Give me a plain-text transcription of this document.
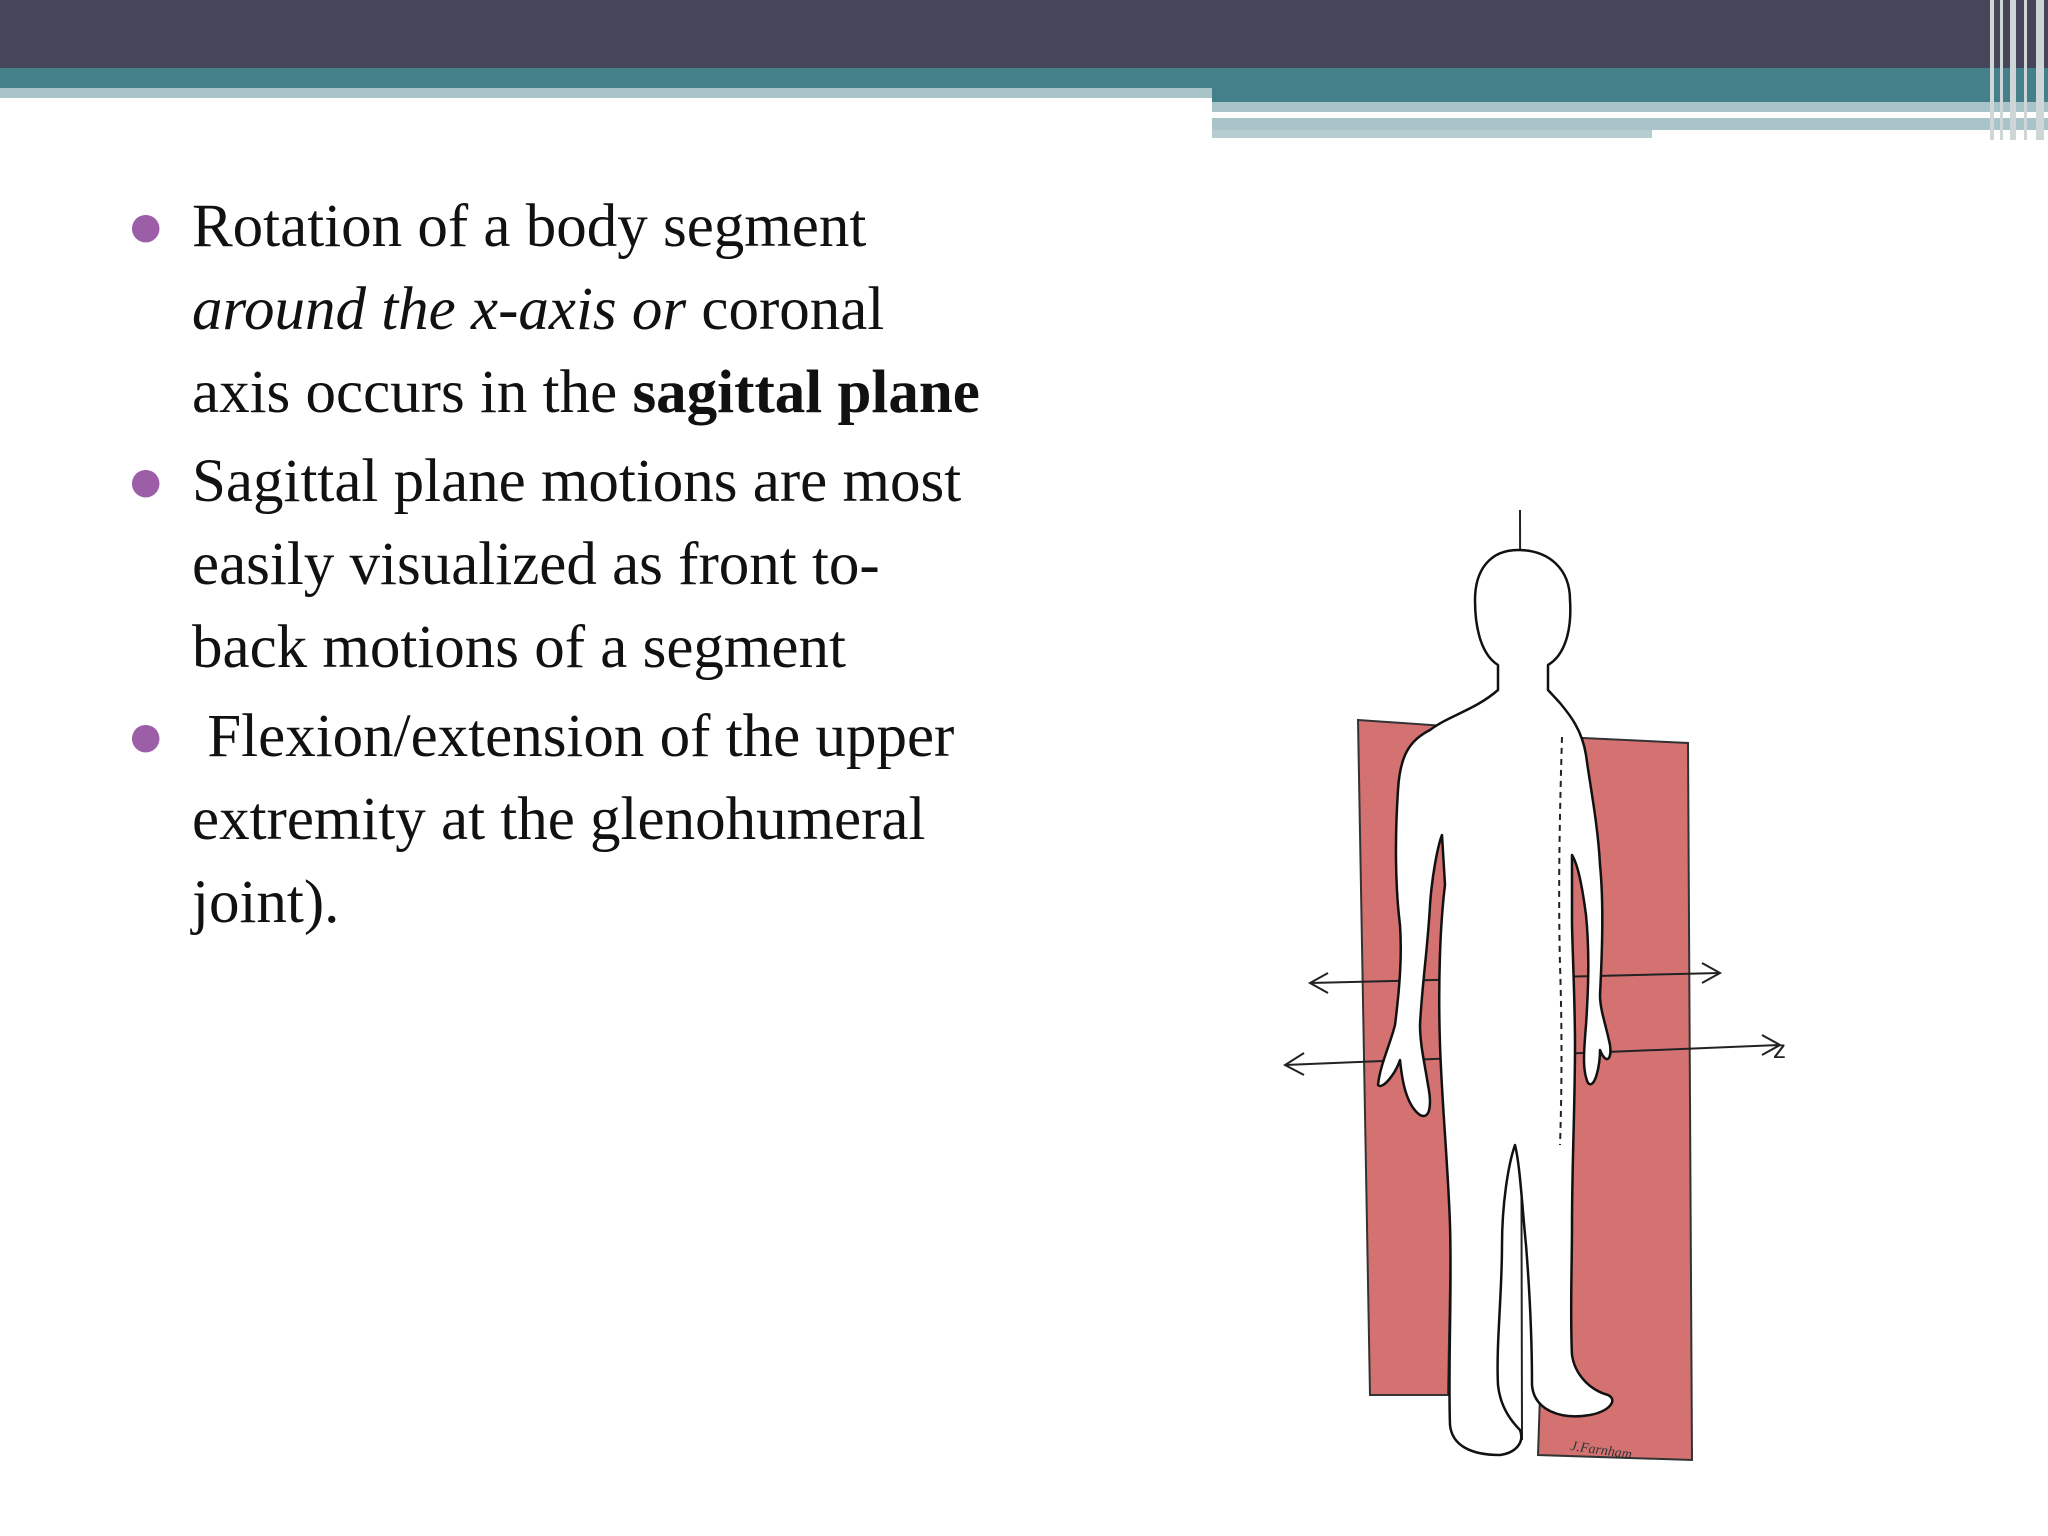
● Rotation of a body segment around the x-axis or coronal axis occurs in the sagittal plane
● Sagittal plane motions are most easily visualized as front to- back motions of a segment
● Flexion/extension of the upper extremity at the glenohumeral joint).
z
J.Farnham
